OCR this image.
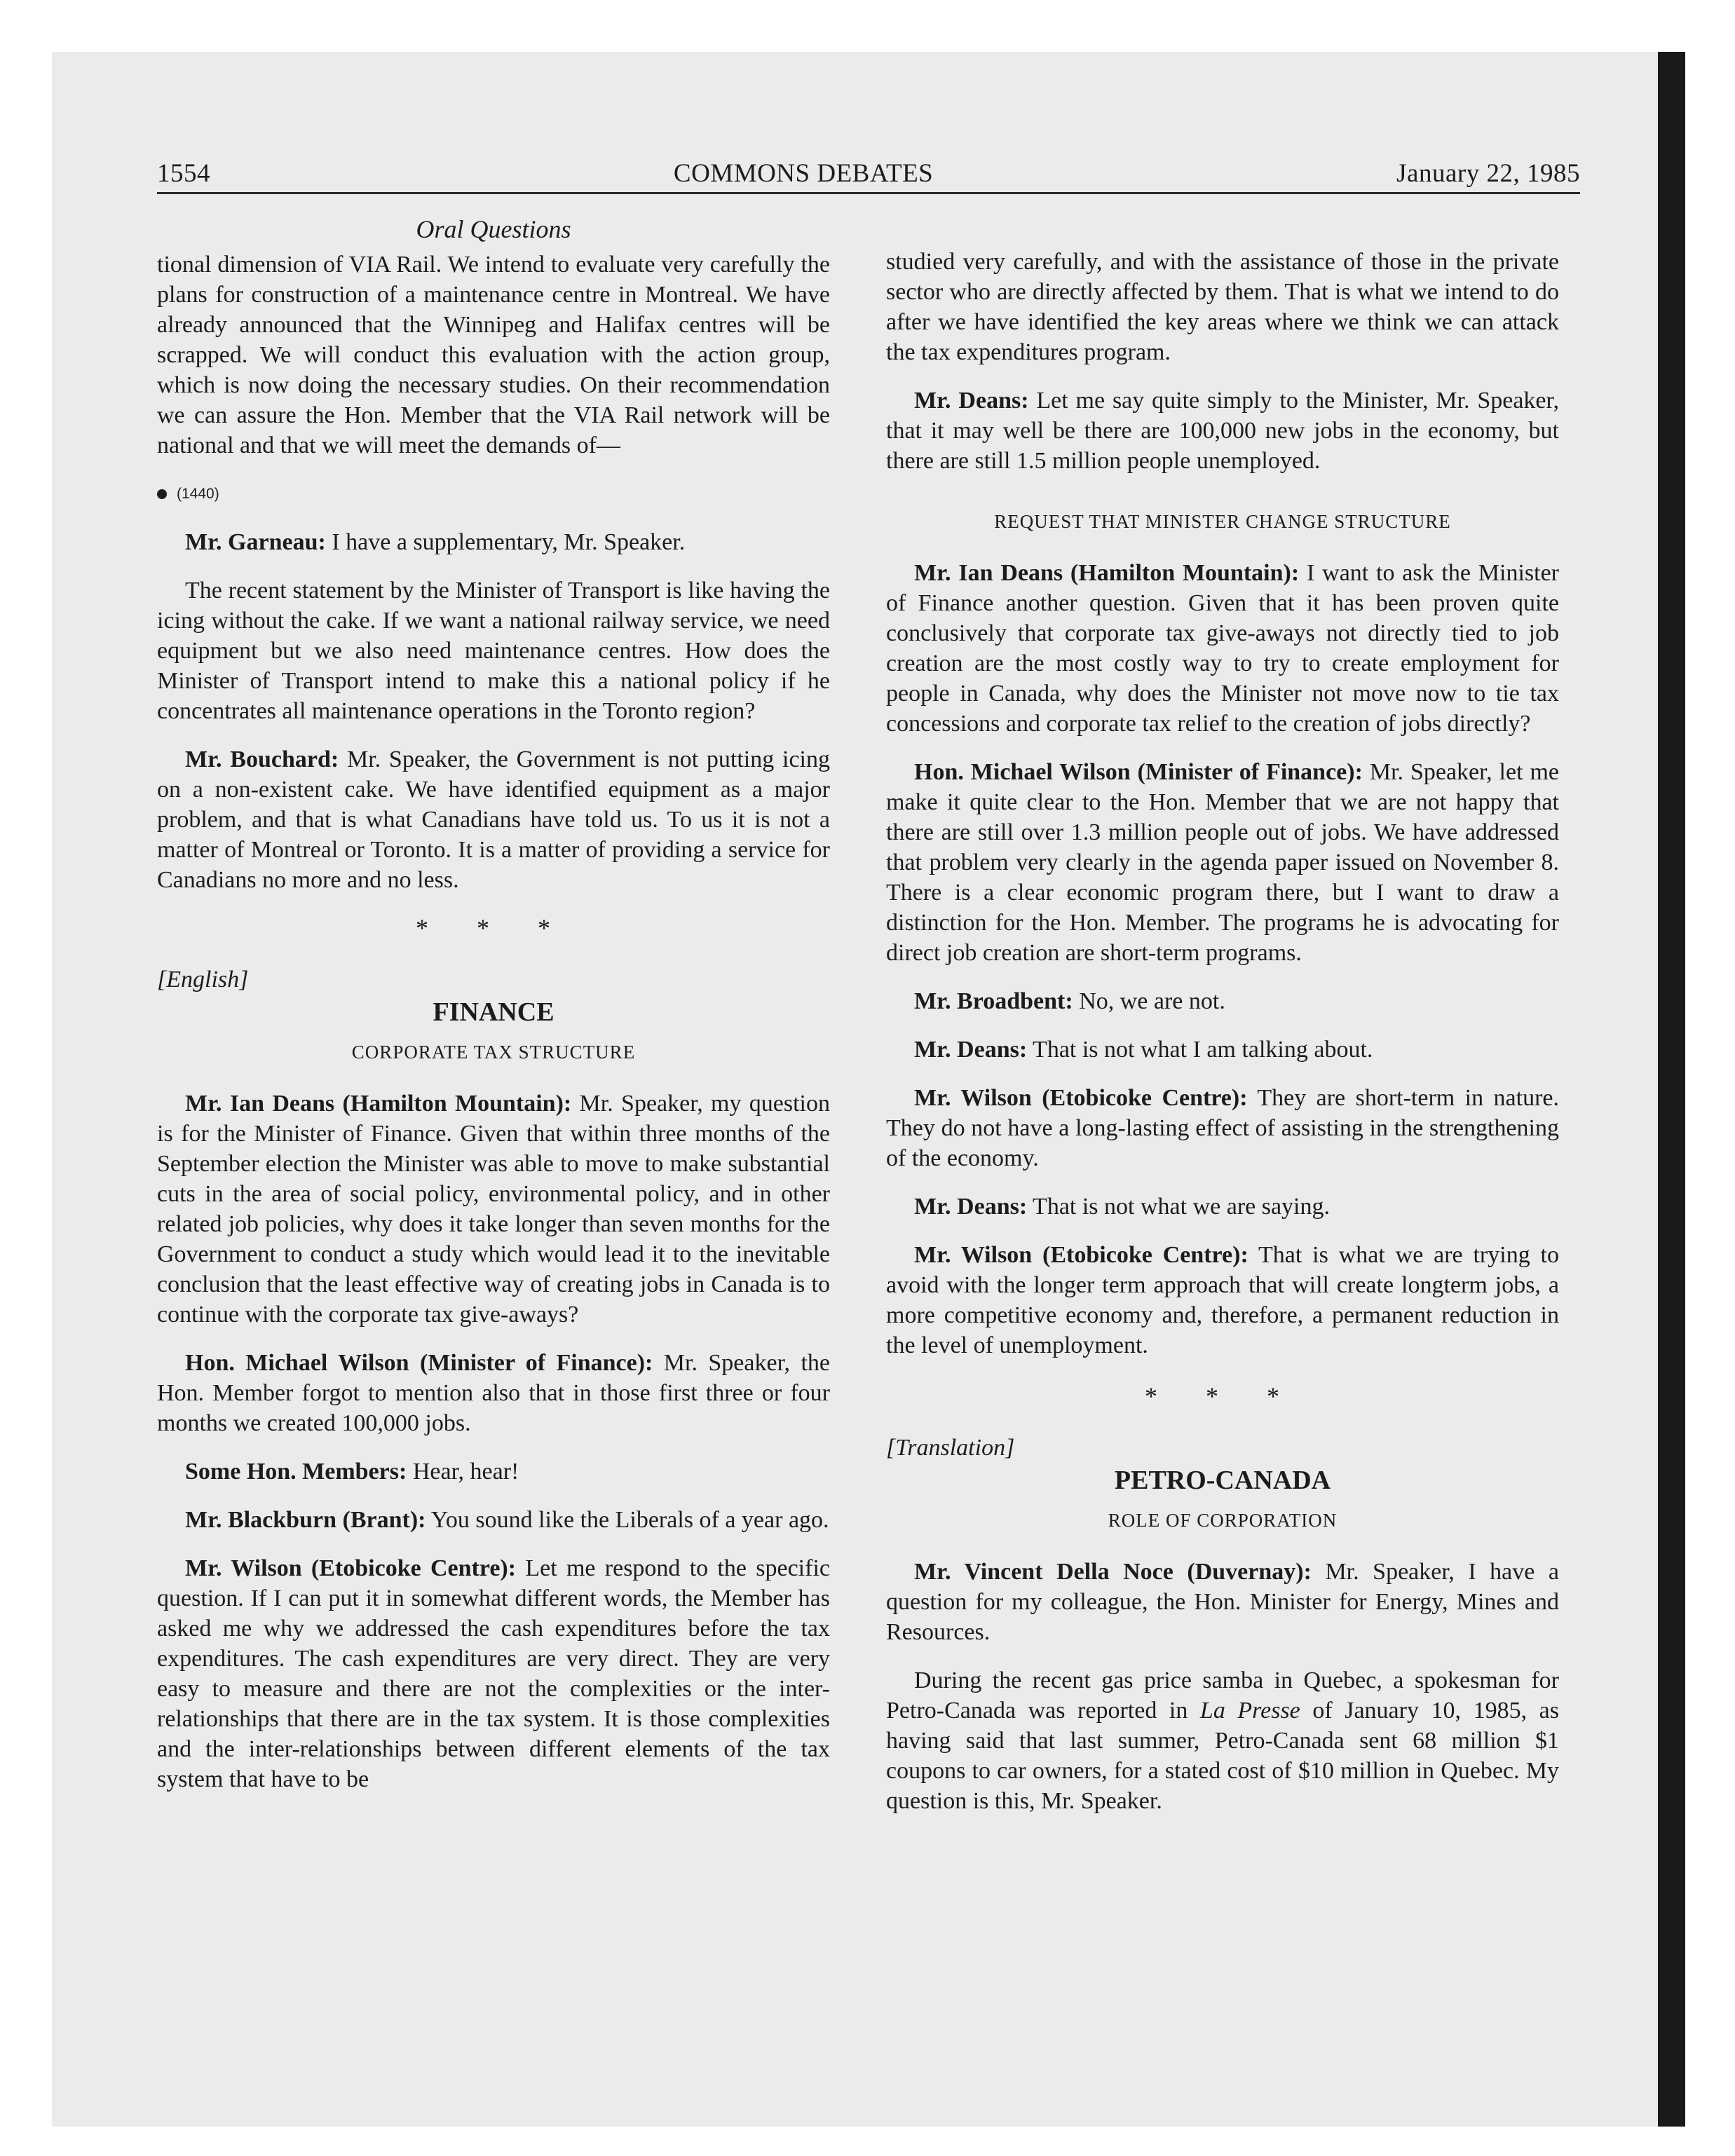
1554	COMMONS DEBATES	January 22, 1985
Oral Questions

tional dimension of VIA Rail. We intend to evaluate very carefully the plans for construction of a maintenance centre in Montreal. We have already announced that the Winnipeg and Halifax centres will be scrapped. We will conduct this evaluation with the action group, which is now doing the necessary studies. On their recommendation we can assure the Hon. Member that the VIA Rail network will be national and that we will meet the demands of—

(1440)

Mr. Garneau: I have a supplementary, Mr. Speaker.

The recent statement by the Minister of Transport is like having the icing without the cake. If we want a national railway service, we need equipment but we also need maintenance centres. How does the Minister of Transport intend to make this a national policy if he concentrates all maintenance operations in the Toronto region?

Mr. Bouchard: Mr. Speaker, the Government is not putting icing on a non-existent cake. We have identified equipment as a major problem, and that is what Canadians have told us. To us it is not a matter of Montreal or Toronto. It is a matter of providing a service for Canadians no more and no less.

* * *
[English]
FINANCE
CORPORATE TAX STRUCTURE

Mr. Ian Deans (Hamilton Mountain): Mr. Speaker, my question is for the Minister of Finance. Given that within three months of the September election the Minister was able to move to make substantial cuts in the area of social policy, environmental policy, and in other related job policies, why does it take longer than seven months for the Government to conduct a study which would lead it to the inevitable conclusion that the least effective way of creating jobs in Canada is to continue with the corporate tax give-aways?

Hon. Michael Wilson (Minister of Finance): Mr. Speaker, the Hon. Member forgot to mention also that in those first three or four months we created 100,000 jobs.

Some Hon. Members: Hear, hear!

Mr. Blackburn (Brant): You sound like the Liberals of a year ago.

Mr. Wilson (Etobicoke Centre): Let me respond to the specific question. If I can put it in somewhat different words, the Member has asked me why we addressed the cash expenditures before the tax expenditures. The cash expenditures are very direct. They are very easy to measure and there are not the complexities or the inter-relationships that there are in the tax system. It is those complexities and the inter-relationships between different elements of the tax system that have to be

studied very carefully, and with the assistance of those in the private sector who are directly affected by them. That is what we intend to do after we have identified the key areas where we think we can attack the tax expenditures program.

Mr. Deans: Let me say quite simply to the Minister, Mr. Speaker, that it may well be there are 100,000 new jobs in the economy, but there are still 1.5 million people unemployed.

REQUEST THAT MINISTER CHANGE STRUCTURE

Mr. Ian Deans (Hamilton Mountain): I want to ask the Minister of Finance another question. Given that it has been proven quite conclusively that corporate tax give-aways not directly tied to job creation are the most costly way to try to create employment for people in Canada, why does the Minister not move now to tie tax concessions and corporate tax relief to the creation of jobs directly?

Hon. Michael Wilson (Minister of Finance): Mr. Speaker, let me make it quite clear to the Hon. Member that we are not happy that there are still over 1.3 million people out of jobs. We have addressed that problem very clearly in the agenda paper issued on November 8. There is a clear economic program there, but I want to draw a distinction for the Hon. Member. The programs he is advocating for direct job creation are short-term programs.

Mr. Broadbent: No, we are not.

Mr. Deans: That is not what I am talking about.

Mr. Wilson (Etobicoke Centre): They are short-term in nature. They do not have a long-lasting effect of assisting in the strengthening of the economy.

Mr. Deans: That is not what we are saying.

Mr. Wilson (Etobicoke Centre): That is what we are trying to avoid with the longer term approach that will create longterm jobs, a more competitive economy and, therefore, a permanent reduction in the level of unemployment.

* * *
[Translation]
PETRO-CANADA
ROLE OF CORPORATION

Mr. Vincent Della Noce (Duvernay): Mr. Speaker, I have a question for my colleague, the Hon. Minister for Energy, Mines and Resources.

During the recent gas price samba in Quebec, a spokesman for Petro-Canada was reported in La Presse of January 10, 1985, as having said that last summer, Petro-Canada sent 68 million $1 coupons to car owners, for a stated cost of $10 million in Quebec. My question is this, Mr. Speaker.
